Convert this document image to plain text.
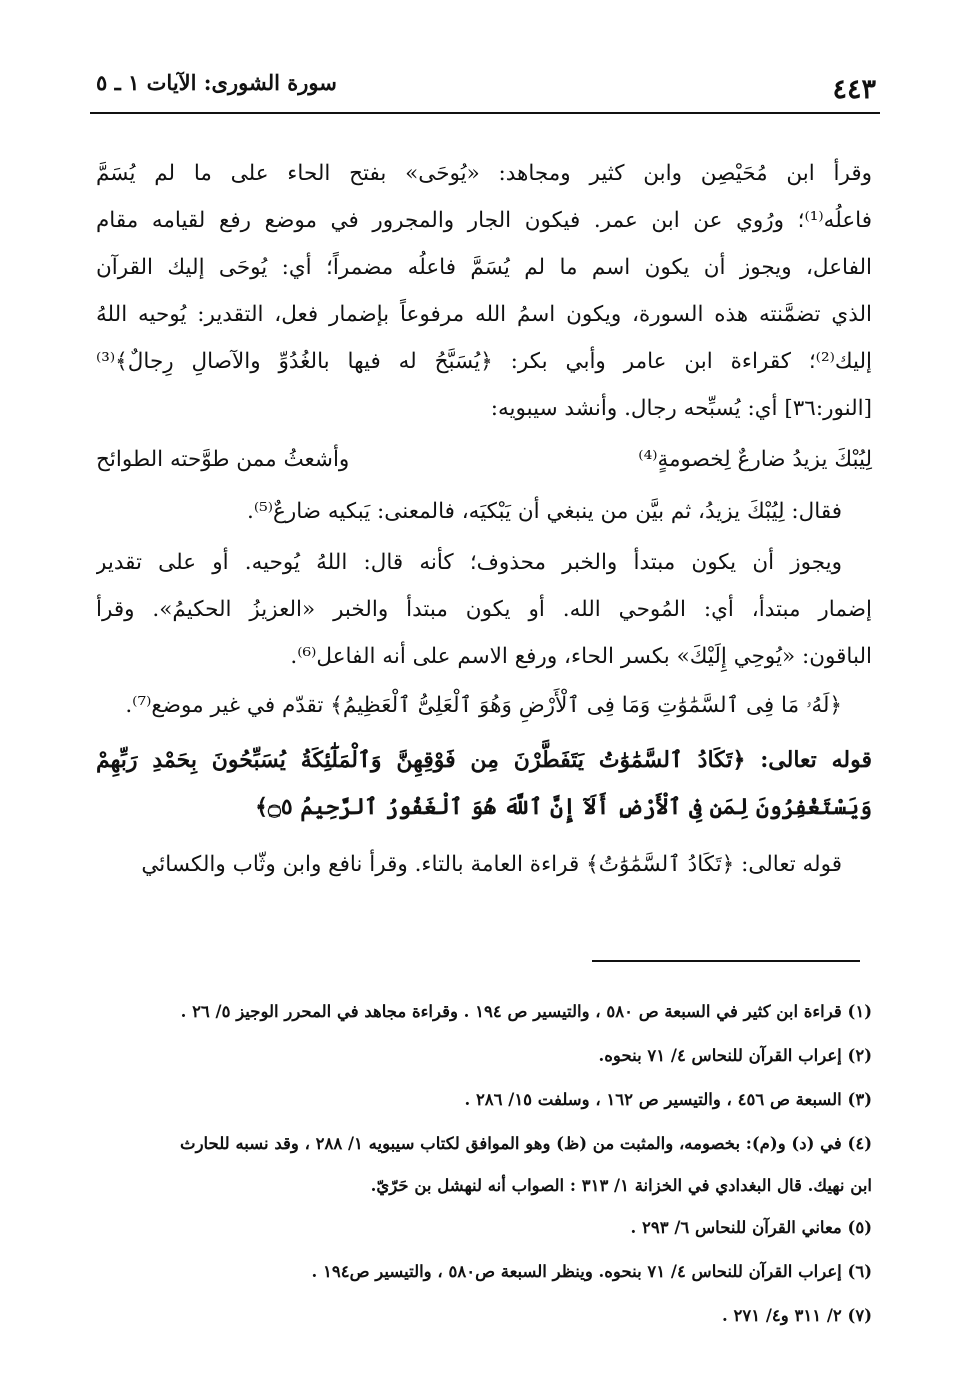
٤٤٣
سورة الشورى: الآيات ١ ـ ٥
وقرأ ابن مُحَيْصِن وابن كثير ومجاهد: «يُوحَى» بفتح الحاء على ما لم يُسَمَّ
فاعلُه⁽¹⁾؛ ورُوي عن ابن عمر. فيكون الجار والمجرور في موضع رفع لقيامه مقام
الفاعل، ويجوز أن يكون اسم ما لم يُسَمَّ فاعلُه مضمراً؛ أي: يُوحَى إليك القرآن
الذي تضمَّنته هذه السورة، ويكون اسمُ الله مرفوعاً بإضمار فعل، التقدير: يُوحيه اللهُ
إليك⁽²⁾؛ كقراءة ابن عامر وأبي بكر: ﴿يُسَبَّحُ له فيها بالغُدُوِّ والآصالِ رِجالٌ﴾⁽³⁾
[النور:٣٦] أي: يُسبِّحه رجال. وأنشد سيبويه:
لِيُبْكَ يزيدُ ضارعٌ لِخصومةٍ⁽⁴⁾
وأشعثُ ممن طوَّحته الطوائح
فقال: لِيُبْكَ يزيدُ، ثم بيَّن من ينبغي أن يَبْكيَه، فالمعنى: يَبكيه ضارعٌ⁽⁵⁾.
ويجوز أن يكون مبتدأ والخبر محذوف؛ كأنه قال: اللهُ يُوحيه. أو على تقدير
إضمار مبتدأ، أي: المُوحي الله. أو يكون مبتدأ والخبر «العزيزُ الحكيمُ». وقرأ
الباقون: «يُوحِي إِلَيْكَ» بكسر الحاء، ورفع الاسم على أنه الفاعل⁽⁶⁾.
﴿لَهُۥ مَا فِى ٱلسَّمَٰوَٰتِ وَمَا فِى ٱلْأَرْضِ وَهُوَ ٱلْعَلِىُّ ٱلْعَظِيمُ﴾ تقدّم في غير موضع⁽⁷⁾.
قوله تعالى: ﴿تَكَادُ ٱلسَّمَٰوَٰتُ يَتَفَطَّرْنَ مِن فَوْقِهِنَّ وَٱلْمَلَٰٓئِكَةُ يُسَبِّحُونَ بِحَمْدِ رَبِّهِمْ
وَيَسْتَغْفِرُونَ لِمَن فِى ٱلْأَرْضِ أَلَآ إِنَّ ٱللَّهَ هُوَ ٱلْغَفُورُ ٱلرَّحِيمُ ۝٥﴾
قوله تعالى: ﴿تَكَادُ ٱلسَّمَٰوَٰتُ﴾ قراءة العامة بالتاء. وقرأ نافع وابن وثّاب والكسائي
(١) قراءة ابن كثير في السبعة ص ٥٨٠ ، والتيسير ص ١٩٤ . وقراءة مجاهد في المحرر الوجيز ٥/ ٢٦ .
(٢) إعراب القرآن للنحاس ٤/ ٧١ بنحوه.
(٣) السبعة ص ٤٥٦ ، والتيسير ص ١٦٢ ، وسلفت ١٥/ ٢٨٦ .
(٤) في (د) و(م): بخصومه، والمثبت من (ظ) وهو الموافق لكتاب سيبويه ١/ ٢٨٨ ، وقد نسبه للحارث
ابن نهيك. قال البغدادي في الخزانة ١/ ٣١٣ : الصواب أنه لنهشل بن حَرّيّ.
(٥) معاني القرآن للنحاس ٦/ ٢٩٣ .
(٦) إعراب القرآن للنحاس ٤/ ٧١ بنحوه. وينظر السبعة ص٥٨٠ ، والتيسير ص١٩٤ .
(٧) ٢/ ٣١١ و٤/ ٢٧١ .
